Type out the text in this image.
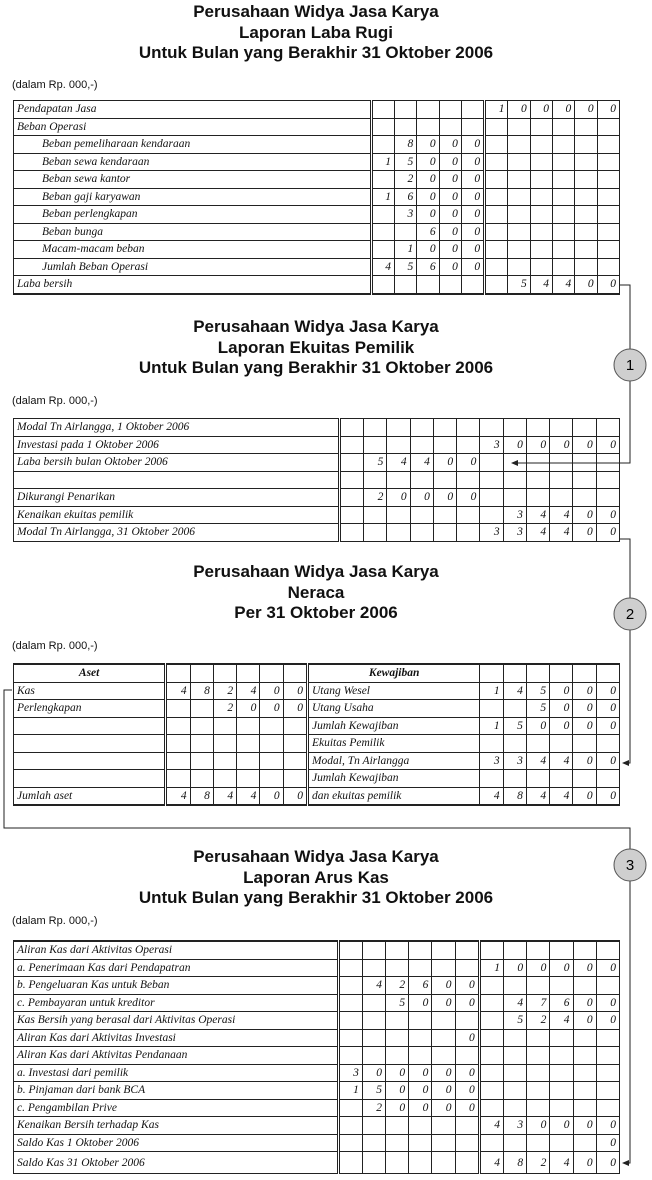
Perusahaan Widya Jasa Karya
Laporan Laba Rugi
Untuk Bulan yang Berakhir 31 Oktober 2006
(dalam Rp. 000,-)
Pendapatan Jasa						1	0	0	0	0	0
Beban Operasi											
Beban pemeliharaan kendaraan		8	0	0	0						
Beban sewa kendaraan	1	5	0	0	0						
Beban sewa kantor		2	0	0	0						
Beban gaji karyawan	1	6	0	0	0						
Beban perlengkapan		3	0	0	0						
Beban bunga			6	0	0						
Macam-macam beban		1	0	0	0						
Jumlah Beban Operasi	4	5	6	0	0						
Laba bersih							5	4	4	0	0
Perusahaan Widya Jasa Karya
Laporan Ekuitas Pemilik
Untuk Bulan yang Berakhir 31 Oktober 2006
(dalam Rp. 000,-)
Modal Tn Airlangga, 1 Oktober 2006												
Investasi pada 1 Oktober 2006							3	0	0	0	0	0
Laba bersih bulan Oktober 2006		5	4	4	0	0						

Dikurangi Penarikan		2	0	0	0	0						
Kenaikan ekuitas pemilik								3	4	4	0	0
Modal Tn Airlangga, 31 Oktober 2006							3	3	4	4	0	0
Perusahaan Widya Jasa Karya
Neraca
Per 31 Oktober 2006
(dalam Rp. 000,-)
Aset							Kewajiban						
Kas	4	8	2	4	0	0	Utang Wesel	1	4	5	0	0	0
Perlengkapan			2	0	0	0	Utang Usaha			5	0	0	0
							Jumlah Kewajiban	1	5	0	0	0	0
							Ekuitas Pemilik						
							Modal, Tn Airlangga	3	3	4	4	0	0
							Jumlah Kewajiban						
Jumlah aset	4	8	4	4	0	0	dan ekuitas pemilik	4	8	4	4	0	0
Perusahaan Widya Jasa Karya
Laporan Arus Kas
Untuk Bulan yang Berakhir 31 Oktober 2006
(dalam Rp. 000,-)
Aliran Kas dari Aktivitas Operasi												
a. Penerimaan Kas dari Pendapatran							1	0	0	0	0	0
b. Pengeluaran Kas untuk Beban		4	2	6	0	0						
c. Pembayaran untuk kreditor			5	0	0	0		4	7	6	0	0
Kas Bersih yang berasal dari Aktivitas Operasi								5	2	4	0	0
Aliran Kas dari Aktivitas Investasi						0						
Aliran Kas dari Aktivitas Pendanaan												
a. Investasi dari pemilik	3	0	0	0	0	0						
b. Pinjaman dari bank BCA	1	5	0	0	0	0						
c. Pengambilan Prive		2	0	0	0	0						
Kenaikan Bersih terhadap Kas							4	3	0	0	0	0
Saldo Kas 1 Oktober 2006												0
Saldo Kas 31 Oktober 2006							4	8	2	4	0	0
1
2
3
